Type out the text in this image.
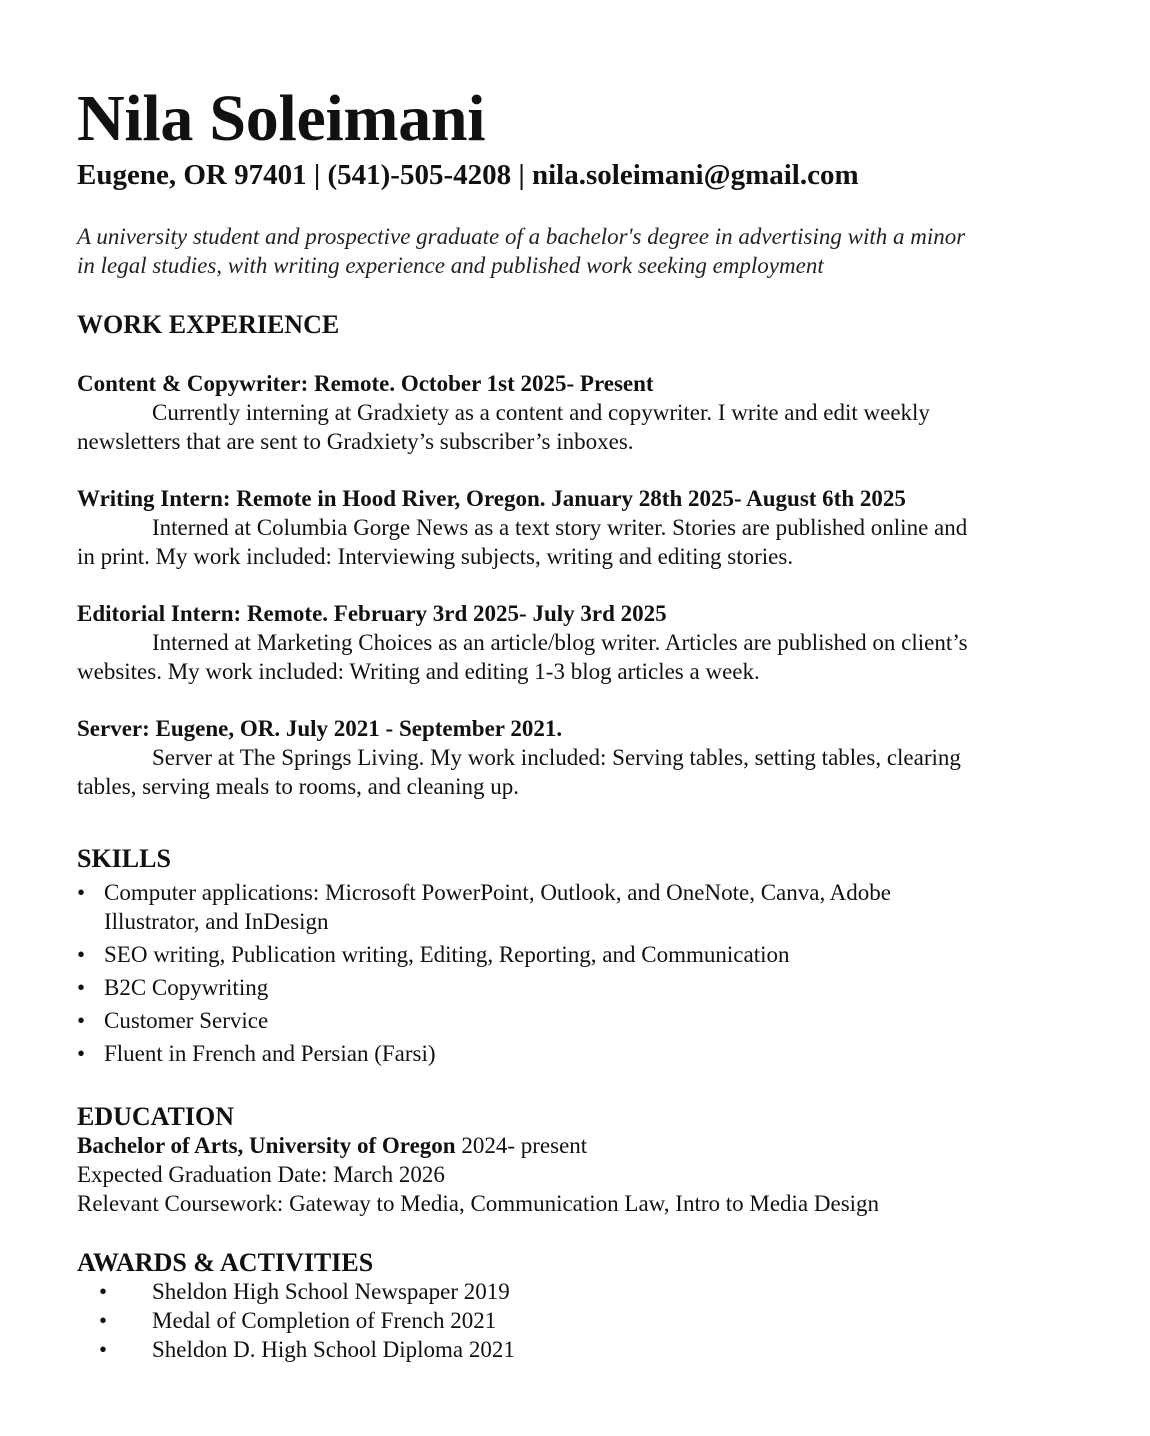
Nila Soleimani
Eugene, OR 97401 | (541)-505-4208 | nila.soleimani@gmail.com
A university student and prospective graduate of a bachelor's degree in advertising with a minor
in legal studies, with writing experience and published work seeking employment
WORK EXPERIENCE
Content & Copywriter: Remote. October 1st 2025- Present
Currently interning at Gradxiety as a content and copywriter. I write and edit weekly
newsletters that are sent to Gradxiety’s subscriber’s inboxes.
Writing Intern: Remote in Hood River, Oregon. January 28th 2025- August 6th 2025
Interned at Columbia Gorge News as a text story writer. Stories are published online and
in print. My work included: Interviewing subjects, writing and editing stories.
Editorial Intern: Remote. February 3rd 2025- July 3rd 2025
Interned at Marketing Choices as an article/blog writer. Articles are published on client’s
websites. My work included: Writing and editing 1-3 blog articles a week.
Server: Eugene, OR. July 2021 - September 2021.
Server at The Springs Living. My work included: Serving tables, setting tables, clearing
tables, serving meals to rooms, and cleaning up.
SKILLS
• Computer applications: Microsoft PowerPoint, Outlook, and OneNote, Canva, Adobe
Illustrator, and InDesign
• SEO writing, Publication writing, Editing, Reporting, and Communication
• B2C Copywriting
• Customer Service
• Fluent in French and Persian (Farsi)
EDUCATION
Bachelor of Arts, University of Oregon 2024- present
Expected Graduation Date: March 2026
Relevant Coursework: Gateway to Media, Communication Law, Intro to Media Design
AWARDS & ACTIVITIES
• Sheldon High School Newspaper 2019
• Medal of Completion of French 2021
• Sheldon D. High School Diploma 2021
